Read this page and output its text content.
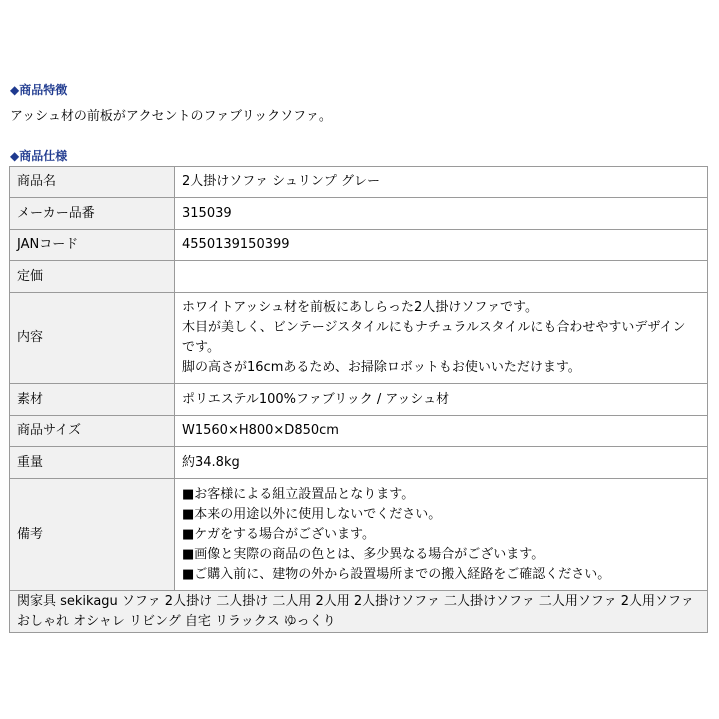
◆商品特徴
アッシュ材の前板がアクセントのファブリックソファ。
◆商品仕様
商品名	2人掛けソファ シュリンプ グレー

メーカー品番	315039

JANコード	4550139150399

定価	
内容	ホワイトアッシュ材を前板にあしらった2人掛けソファです。
木目が美しく、ビンテージスタイルにもナチュラルスタイルにも合わせやすいデザイン
です。
脚の高さが16cmあるため、お掃除ロボットもお使いいただけます。

素材	ポリエステル100%ファブリック / アッシュ材

商品サイズ	W1560×H800×D850cm

重量	約34.8kg

備考	■お客様による組立設置品となります。
■本来の用途以外に使用しないでください。
■ケガをする場合がございます。
■画像と実際の商品の色とは、多少異なる場合がございます。
■ご購入前に、建物の外から設置場所までの搬入経路をご確認ください。

関家具 sekikagu ソファ 2人掛け 二人掛け 二人用 2人用 2人掛けソファ 二人掛けソファ 二人用ソファ 2人用ソファ おしゃれ オシャレ リビング 自宅 リラックス ゆっくり	
